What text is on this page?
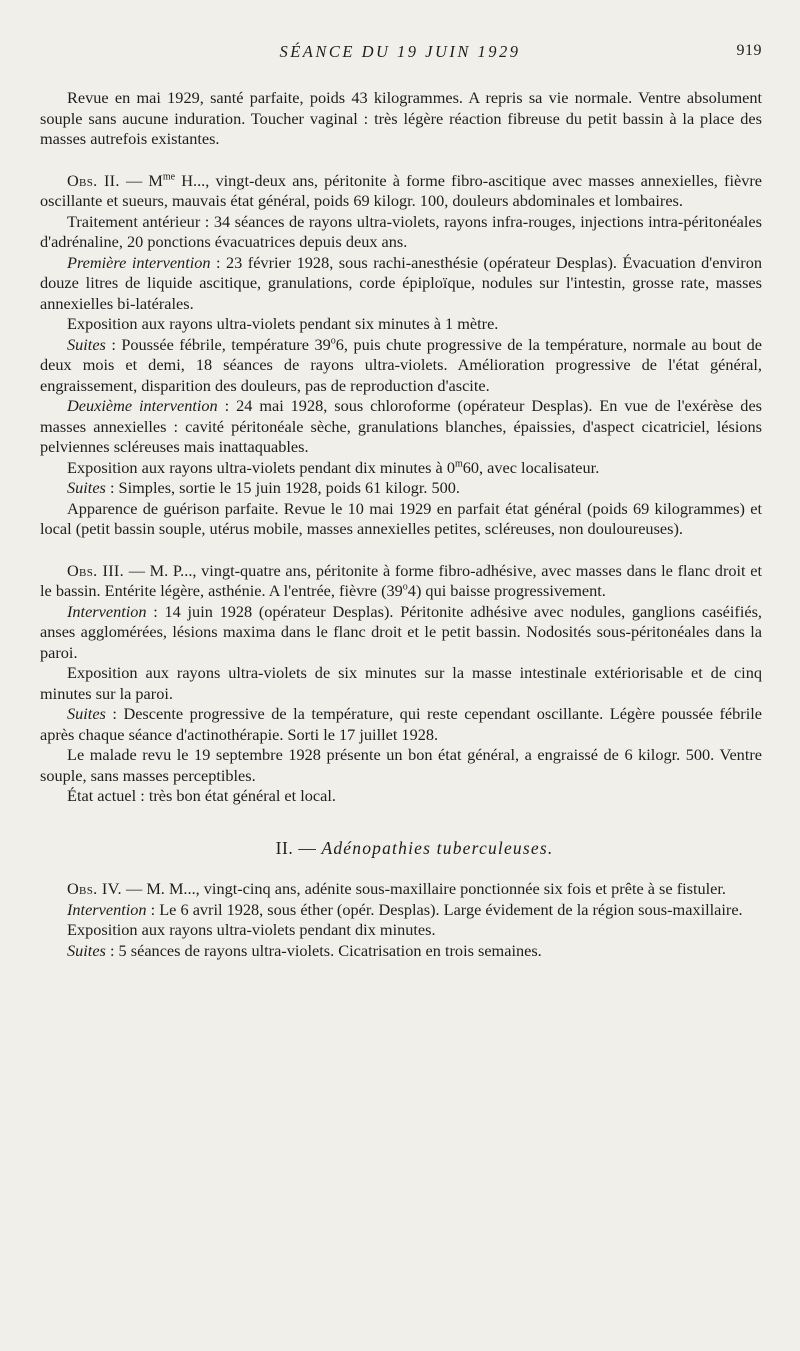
SÉANCE DU 19 JUIN 1929	919

Revue en mai 1929, santé parfaite, poids 43 kilogrammes. A repris sa vie normale. Ventre absolument souple sans aucune induration. Toucher vaginal : très légère réaction fibreuse du petit bassin à la place des masses autrefois existantes.

Obs. II. — $M^{me}$ H..., vingt-deux ans, péritonite à forme fibro-ascitique avec masses annexielles, fièvre oscillante et sueurs, mauvais état général, poids 69 kilogr. 100, douleurs abdominales et lombaires.

Traitement antérieur : 34 séances de rayons ultra-violets, rayons infra-rouges, injections intra-péritonéales d'adrénaline, 20 ponctions évacuatrices depuis deux ans.

Première intervention : 23 février 1928, sous rachi-anesthésie (opérateur Desplas). Évacuation d'environ douze litres de liquide ascitique, granulations, corde épiploïque, nodules sur l'intestin, grosse rate, masses annexielles bi-latérales.

Exposition aux rayons ultra-violets pendant six minutes à 1 mètre.

Suites : Poussée fébrile, température 39$^o$6, puis chute progressive de la température, normale au bout de deux mois et demi, 18 séances de rayons ultra-violets. Amélioration progressive de l'état général, engraissement, disparition des douleurs, pas de reproduction d'ascite.

Deuxième intervention : 24 mai 1928, sous chloroforme (opérateur Desplas). En vue de l'exérèse des masses annexielles : cavité péritonéale sèche, granulations blanches, épaissies, d'aspect cicatriciel, lésions pelviennes scléreuses mais inattaquables.

Exposition aux rayons ultra-violets pendant dix minutes à 0$^m$60, avec localisateur.

Suites : Simples, sortie le 15 juin 1928, poids 61 kilogr. 500.

Apparence de guérison parfaite. Revue le 10 mai 1929 en parfait état général (poids 69 kilogrammes) et local (petit bassin souple, utérus mobile, masses annexielles petites, scléreuses, non douloureuses).

Obs. III. — M. P..., vingt-quatre ans, péritonite à forme fibro-adhésive, avec masses dans le flanc droit et le bassin. Entérite légère, asthénie. A l'entrée, fièvre (39$^o$4) qui baisse progressivement.

Intervention : 14 juin 1928 (opérateur Desplas). Péritonite adhésive avec nodules, ganglions caséifiés, anses agglomérées, lésions maxima dans le flanc droit et le petit bassin. Nodosités sous-péritonéales dans la paroi.

Exposition aux rayons ultra-violets de six minutes sur la masse intestinale extériorisable et de cinq minutes sur la paroi.

Suites : Descente progressive de la température, qui reste cependant oscillante. Légère poussée fébrile après chaque séance d'actinothérapie. Sorti le 17 juillet 1928.

Le malade revu le 19 septembre 1928 présente un bon état général, a engraissé de 6 kilogr. 500. Ventre souple, sans masses perceptibles.

État actuel : très bon état général et local.

II. — Adénopathies tuberculeuses.

Obs. IV. — M. M..., vingt-cinq ans, adénite sous-maxillaire ponctionnée six fois et prête à se fistuler.

Intervention : Le 6 avril 1928, sous éther (opér. Desplas). Large évidement de la région sous-maxillaire.

Exposition aux rayons ultra-violets pendant dix minutes.

Suites : 5 séances de rayons ultra-violets. Cicatrisation en trois semaines.
